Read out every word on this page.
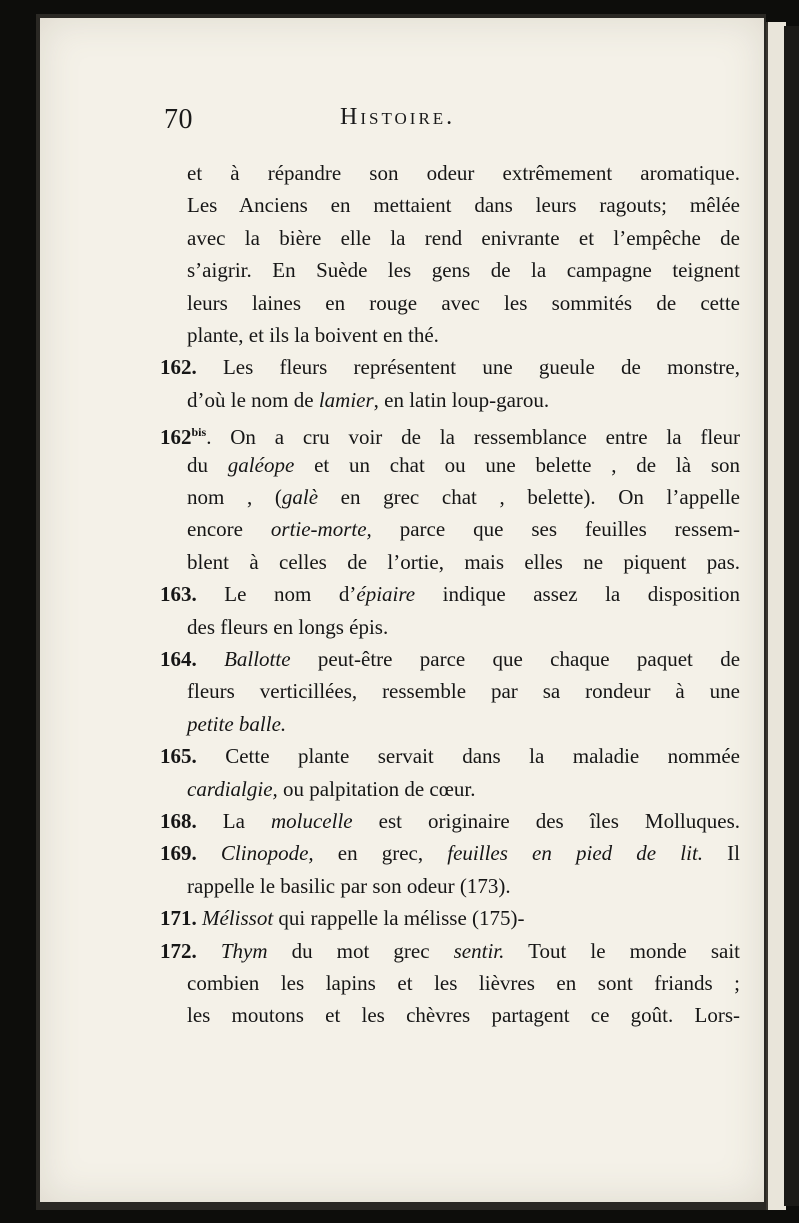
70	Histoire.
et à répandre son odeur extrêmement aromatique.
Les Anciens en mettaient dans leurs ragouts; mêlée
avec la bière elle la rend enivrante et l’empêche de
s’aigrir. En Suède les gens de la campagne teignent
leurs laines en rouge avec les sommités de cette
plante, et ils la boivent en thé.
162. Les fleurs représentent une gueule de monstre,
d’où le nom de lamier, en latin loup-garou.
$162^{bis}$. On a cru voir de la ressemblance entre la fleur
du galéope et un chat ou une belette , de là son
nom , (galè en grec chat , belette). On l’appelle
encore ortie-morte, parce que ses feuilles ressem-
blent à celles de l’ortie, mais elles ne piquent pas.
163. Le nom d’épiaire indique assez la disposition
des fleurs en longs épis.
164. Ballotte peut-être parce que chaque paquet de
fleurs verticillées, ressemble par sa rondeur à une
petite balle.
165. Cette plante servait dans la maladie nommée
cardialgie, ou palpitation de cœur.
168. La molucelle est originaire des îles Molluques.
169. Clinopode, en grec, feuilles en pied de lit. Il
rappelle le basilic par son odeur (173).
171. Mélissot qui rappelle la mélisse (175)-
172. Thym du mot grec sentir. Tout le monde sait
combien les lapins et les lièvres en sont friands ;
les moutons et les chèvres partagent ce goût. Lors-
